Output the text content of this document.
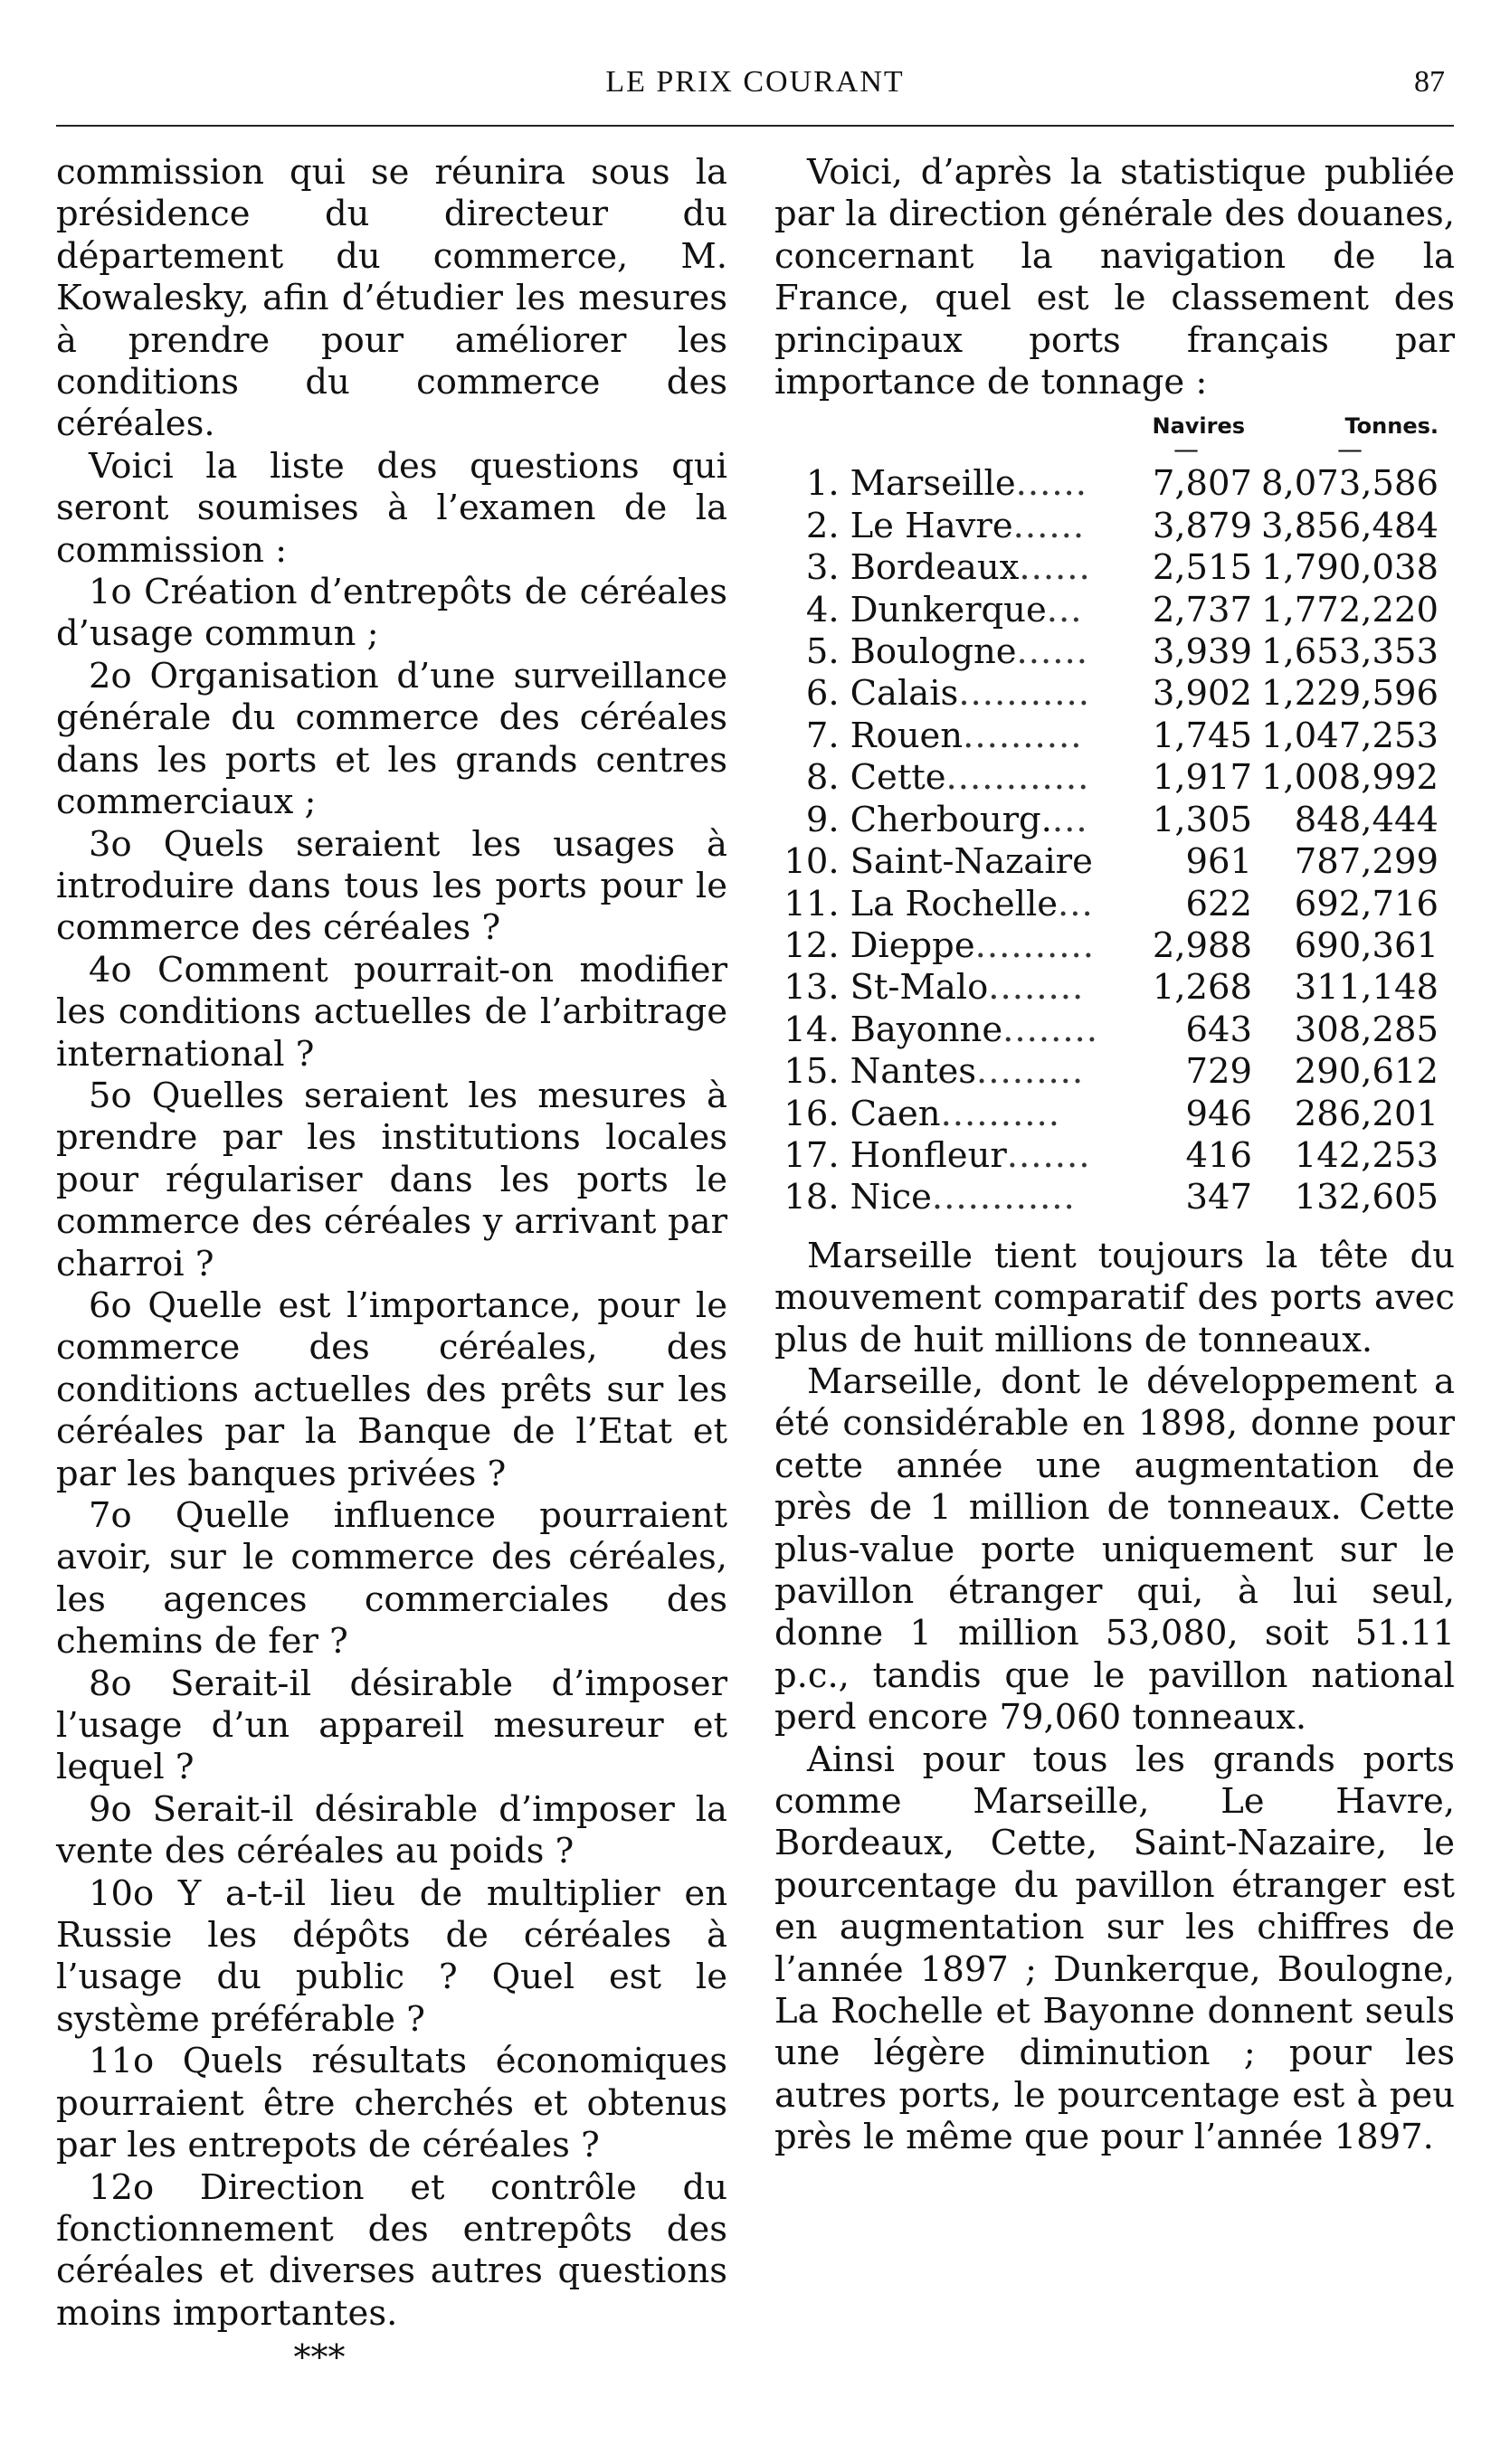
LE PRIX COURANT	87

commission qui se réunira sous la présidence du directeur du département du commerce, M. Kowalesky, afin d’étudier les mesures à prendre pour améliorer les conditions du commerce des céréales.

Voici la liste des questions qui seront soumises à l’examen de la commission :

1o Création d’entrepôts de céréales d’usage commun ;

2o Organisation d’une surveillance générale du commerce des céréales dans les ports et les grands centres commerciaux ;

3o Quels seraient les usages à introduire dans tous les ports pour le commerce des céréales ?

4o Comment pourrait-on modifier les conditions actuelles de l’arbitrage international ?

5o Quelles seraient les mesures à prendre par les institutions locales pour régulariser dans les ports le commerce des céréales y arrivant par charroi ?

6o Quelle est l’importance, pour le commerce des céréales, des conditions actuelles des prêts sur les céréales par la Banque de l’Etat et par les banques privées ?

7o Quelle influence pourraient avoir, sur le commerce des céréales, les agences commerciales des chemins de fer ?

8o Serait-il désirable d’imposer l’usage d’un appareil mesureur et lequel ?

9o Serait-il désirable d’imposer la vente des céréales au poids ?

10o Y a-t-il lieu de multiplier en Russie les dépôts de céréales à l’usage du public ? Quel est le système préférable ?

11o Quels résultats économiques pourraient être cherchés et obtenus par les entrepots de céréales ?

12o Direction et contrôle du fonctionnement des entrepôts des céréales et diverses autres questions moins importantes.

***

Voici, d’après la statistique publiée par la direction générale des douanes, concernant la navigation de la France, quel est le classement des principaux ports français par importance de tonnage :

		Navires
—	Tonnes.
—

1.	Marseille......	7,807	8,073,586
2.	Le Havre......	3,879	3,856,484
3.	Bordeaux......	2,515	1,790,038
4.	Dunkerque...	2,737	1,772,220
5.	Boulogne......	3,939	1,653,353
6.	Calais...........	3,902	1,229,596
7.	Rouen..........	1,745	1,047,253
8.	Cette............	1,917	1,008,992
9.	Cherbourg....	1,305	848,444
10.	Saint-Nazaire	961	787,299
11.	La Rochelle...	622	692,716
12.	Dieppe..........	2,988	690,361
13.	St-Malo........	1,268	311,148
14.	Bayonne........	643	308,285
15.	Nantes.........	729	290,612
16.	Caen..........	946	286,201
17.	Honfleur.......	416	142,253
18.	Nice............	347	132,605

Marseille tient toujours la tête du mouvement comparatif des ports avec plus de huit millions de tonneaux.

Marseille, dont le développement a été considérable en 1898, donne pour cette année une augmentation de près de 1 million de tonneaux. Cette plus-value porte uniquement sur le pavillon étranger qui, à lui seul, donne 1 million 53,080, soit 51.11 p.c., tandis que le pavillon national perd encore 79,060 tonneaux.

Ainsi pour tous les grands ports comme Marseille, Le Havre, Bordeaux, Cette, Saint-Nazaire, le pourcentage du pavillon étranger est en augmentation sur les chiffres de l’année 1897 ; Dunkerque, Boulogne, La Rochelle et Bayonne donnent seuls une légère diminution ; pour les autres ports, le pourcentage est à peu près le même que pour l’année 1897.
